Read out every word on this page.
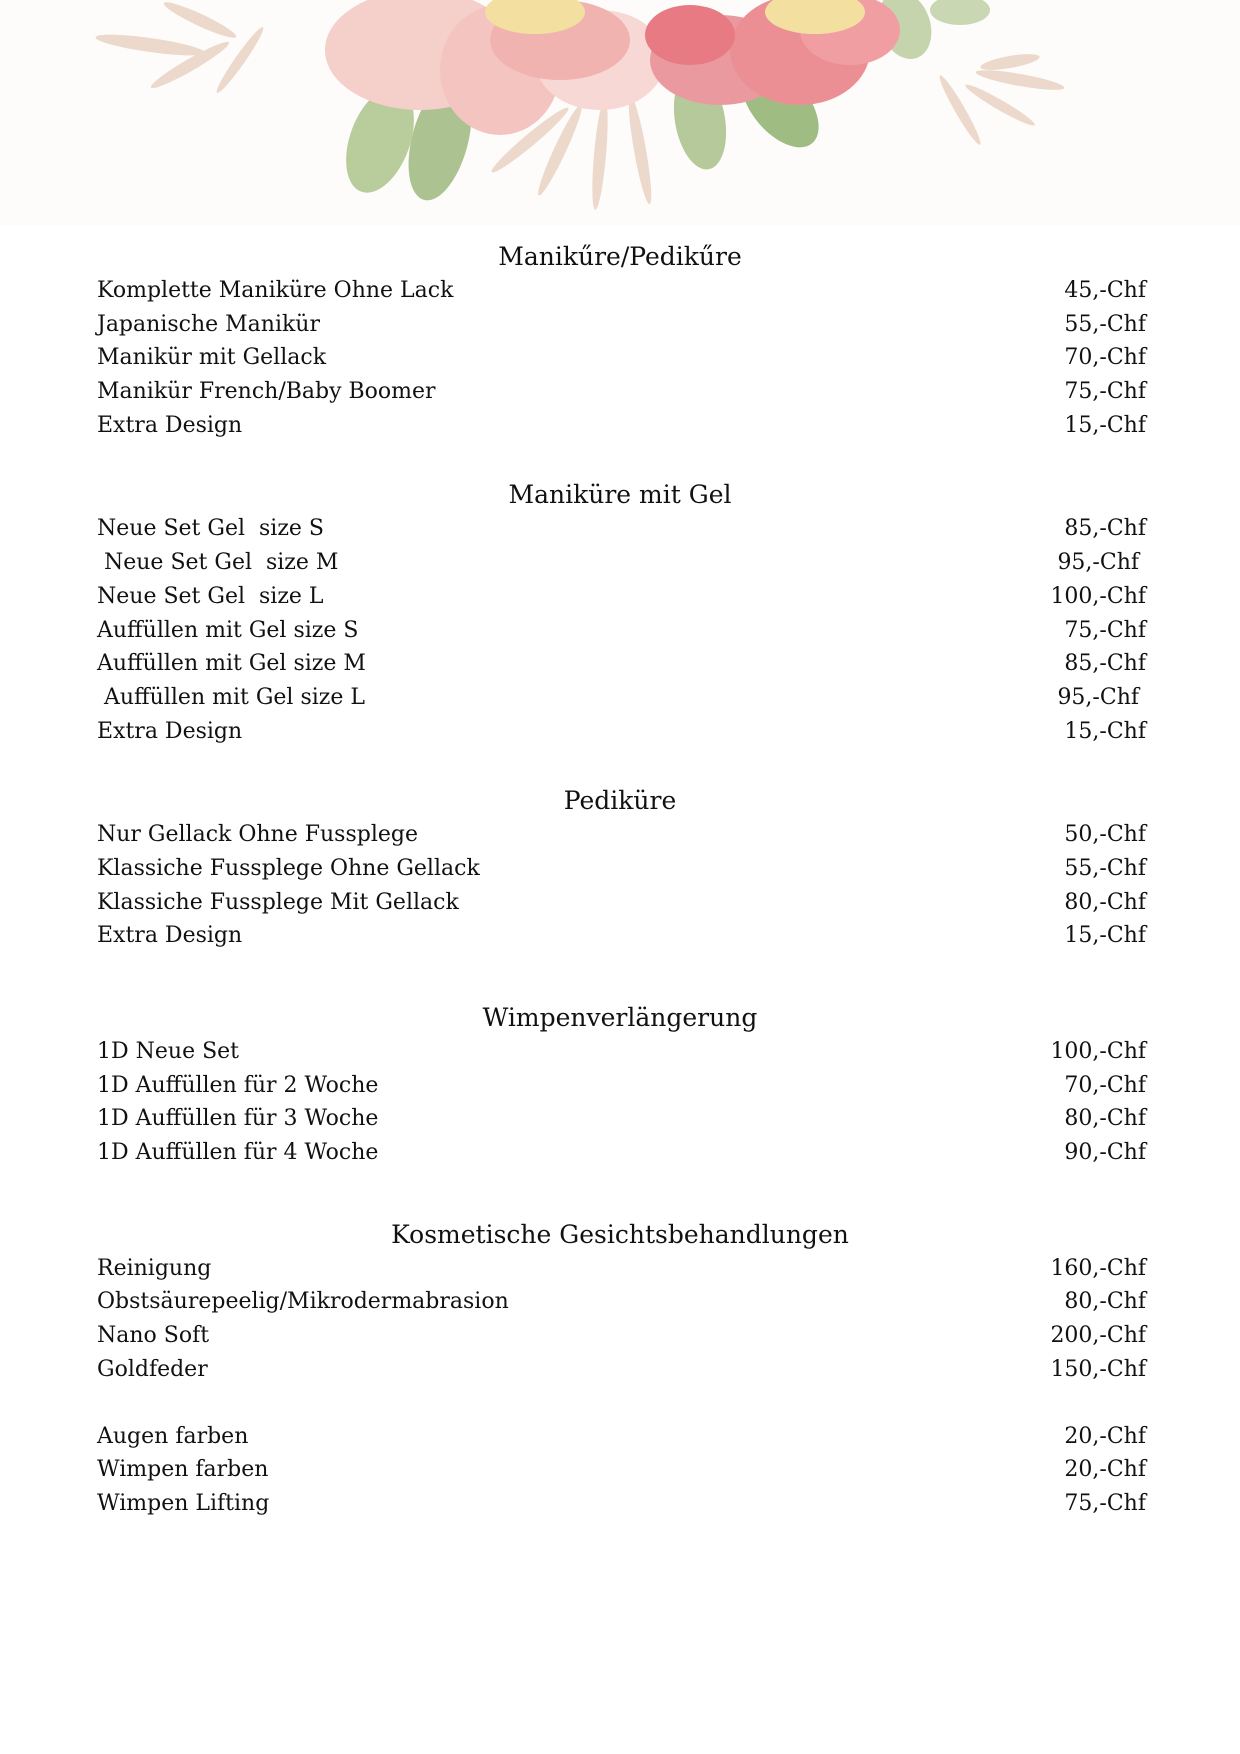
Manikűre/Pedikűre
Komplette Maniküre Ohne Lack	45,-Chf
Japanische Manikür	55,-Chf
Manikür mit Gellack	70,-Chf
Manikür French/Baby Boomer	75,-Chf
Extra Design	15,-Chf
Maniküre mit Gel
Neue Set Gel  size S	85,-Chf
Neue Set Gel  size M	95,-Chf
Neue Set Gel  size L	100,-Chf
Auffüllen mit Gel size S	75,-Chf
Auffüllen mit Gel size M	85,-Chf
Auffüllen mit Gel size L	95,-Chf
Extra Design	15,-Chf
Pediküre
Nur Gellack Ohne Fussplege	50,-Chf
Klassiche Fussplege Ohne Gellack	55,-Chf
Klassiche Fussplege Mit Gellack	80,-Chf
Extra Design	15,-Chf
Wimpenverlängerung
1D Neue Set	100,-Chf
1D Auffüllen für 2 Woche	70,-Chf
1D Auffüllen für 3 Woche	80,-Chf
1D Auffüllen für 4 Woche	90,-Chf
Kosmetische Gesichtsbehandlungen
Reinigung	160,-Chf
Obstsäurepeelig/Mikrodermabrasion	80,-Chf
Nano Soft	200,-Chf
Goldfeder	150,-Chf
Augen farben	20,-Chf
Wimpen farben	20,-Chf
Wimpen Lifting	75,-Chf
